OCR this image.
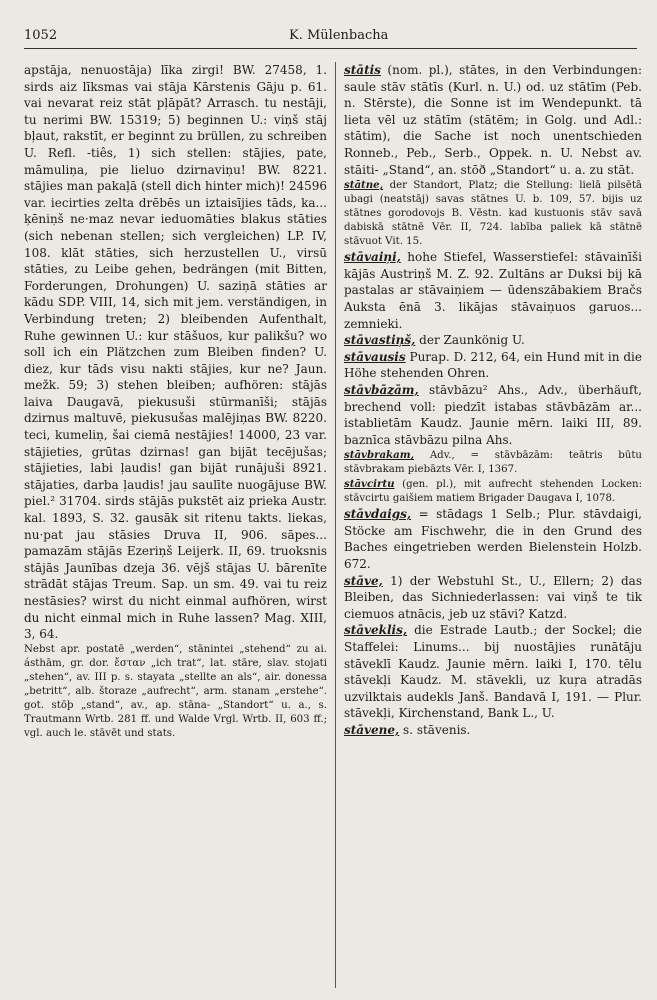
1052	K. Mülenbacha

apstāja, nenuostāja) līka zirgi! BW. 27458, 1. sirds aiz līksmas vai stāja Kārstenis Gāju p. 61. vai nevarat reiz stāt pļāpāt? Arrasch. tu nestāji, tu nerimi BW. 15319; 5) beginnen U.: viņš stāj bļaut, rakstīt, er beginnt zu brüllen, zu schreiben U. Refl. -tiês, 1) sich stellen: stājies, pate, māmuliņa, pie lieluo dzirnaviņu! BW. 8221. stājies man pakaļā (stell dich hinter mich)! 24596 var. iecirties zelta drēbēs un iztaisījies tāds, ka... ķēniņš ne·maz nevar ieduomāties blakus stāties (sich nebenan stellen; sich vergleichen) LP. IV, 108. klāt stāties, sich herzustellen U., virsū stāties, zu Leibe gehen, bedrängen (mit Bitten, Forderungen, Drohungen) U. saziņā stāties ar kādu SDP. VIII, 14, sich mit jem. verständigen, in Verbindung treten; 2) bleibenden Aufenthalt, Ruhe gewinnen U.: kur stāšuos, kur palikšu? wo soll ich ein Plätzchen zum Bleiben finden? U. diez, kur tāds visu nakti stājies, kur ne? Jaun. mežk. 59; 3) stehen bleiben; aufhören: stājās laiva Daugavā, piekusuši stūrmanīši; stājās dzirnus maltuvē, piekusušas malējiņas BW. 8220. teci, kumeliņ, šai ciemā nestājies! 14000, 23 var. stājieties, grūtas dzirnas! gan bijāt tecējušas; stājieties, labi ļaudis! gan bijāt runājuši 8921. stājaties, darba ļaudis! jau saulīte nuogājuse BW. piel.² 31704. sirds stājās pukstēt aiz prieka Austr. kal. 1893, S. 32. gausāk sit ritenu takts. liekas, nu·pat jau stāsies Druva II, 906. sāpes... pamazām stājās Ezeriņš Leijerk. II, 69. truoksnis stājās Jaunības dzeja 36. vējš stājas U. bārenīte strādāt stājas Treum. Sap. un sm. 49. vai tu reiz nestāsies? wirst du nicht einmal aufhören, wirst du nicht einmal mich in Ruhe lassen? Mag. XIII, 3, 64.

Nebst apr. postatē „werden“, stānintei „stehend“ zu ai. ásthām, gr. dor. ἔσταν „ich trat“, lat. stāre, slav. stojati „stehen“, av. III p. s. stayata „stellte an als“, air. donessa „betritt“, alb. štoraze „aufrecht“, arm. stanam „erstehe“. got. stōþ „stand“, av., ap. stāna- „Standort“ u. a., s. Trautmann Wrtb. 281 ff. und Walde Vrgl. Wrtb. II, 603 ff.; vgl. auch le. stāvēt und stats.

stātis (nom. pl.), stātes, in den Verbindungen: saule stāv stātīs (Kurl. n. U.) od. uz stātīm (Peb. n. Stērste), die Sonne ist im Wendepunkt. tā lieta vēl uz stātīm (stātēm; in Golg. und Adl.: stātim), die Sache ist noch unentschieden Ronneb., Peb., Serb., Oppek. n. U. Nebst av. stāiti- „Stand“, an. stōð „Standort“ u. a. zu stāt.

stātne, der Standort, Platz; die Stellung: lielā pilsētā ubagi (neatstāj) savas stātnes U. b. 109, 57. bijis uz stātnes gorodovojs B. Vēstn. kad kustuonis stāv savā dabiskā stātnē Vēr. II, 724. labība paliek kā stātnē stāvuot Vit. 15.

stāvaiņi, hohe Stiefel, Wasserstiefel: stāvainīši kājās Austriņš M. Z. 92. Zultāns ar Duksi bij kā pastalas ar stāvaiņiem — ūdenszābakiem Bračs Auksta ēnā 3. likājas stāvaiņuos garuos... zemnieki.

stāvastiņš, der Zaunkönig U.

stāvausis Purap. D. 212, 64, ein Hund mit in die Höhe stehenden Ohren.

stāvbāzām, stāvbāzu² Ahs., Adv., überhäuft, brechend voll: piedzīt istabas stāvbāzām ar... istablietām Kaudz. Jaunie mērn. laiki III, 89. baznīca stāvbāzu pilna Ahs.

stāvbrakam, Adv., = stāvbāzām: teātris būtu stāvbrakam piebāzts Vēr. I, 1367.

stāvcirtu (gen. pl.), mit aufrecht stehenden Locken: stāvcirtu gaišiem matiem Brigader Daugava I, 1078.

stāvdaigs, = stādags 1 Selb.; Plur. stāvdaigi, Stöcke am Fischwehr, die in den Grund des Baches eingetrieben werden Bielenstein Holzb. 672.

stāve, 1) der Webstuhl St., U., Ellern; 2) das Bleiben, das Sichniederlassen: vai viņš te tik ciemuos atnācis, jeb uz stāvi? Katzd.

stāveklis, die Estrade Lautb.; der Sockel; die Staffelei: Linums... bij nuostājies runātāju stāveklī Kaudz. Jaunie mērn. laiki I, 170. tēlu stāvekļi Kaudz. M. stāvekli, uz kuŗa atradās uzvilktais audekls Janš. Bandavā I, 191. — Plur. stāvekļi, Kirchenstand, Bank L., U.

stāvene, s. stāvenis.
